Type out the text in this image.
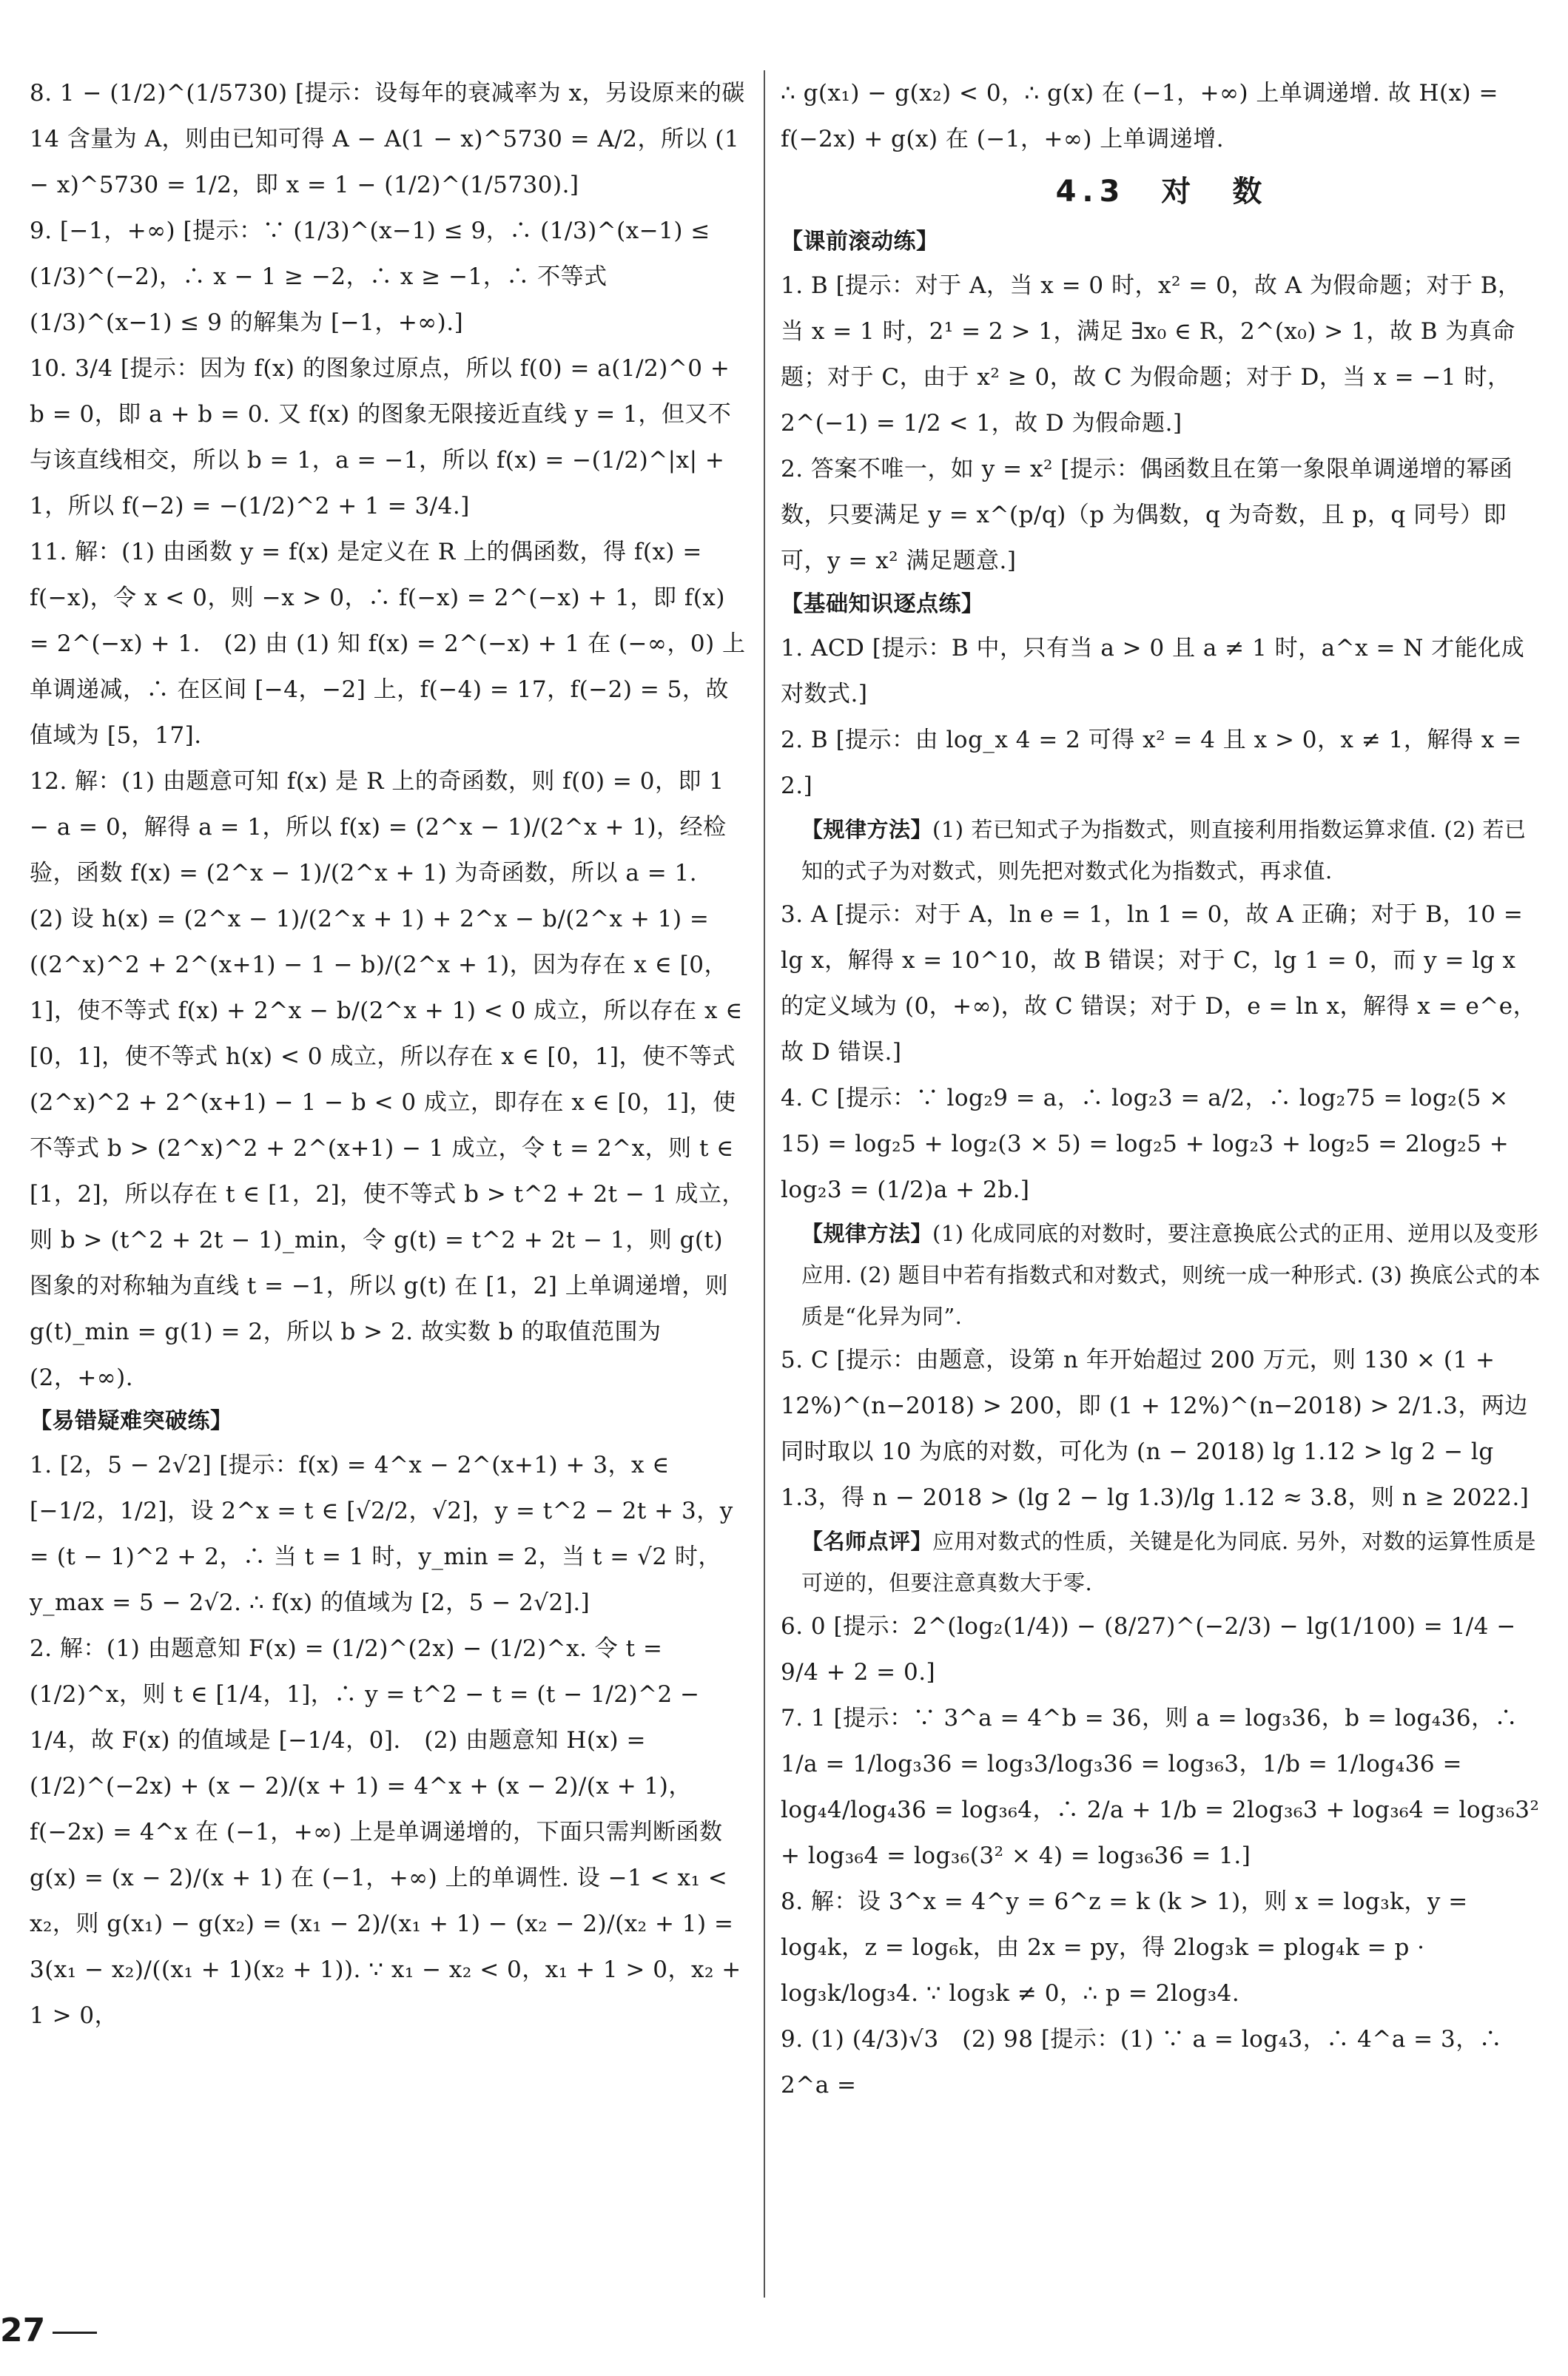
8. 1 − (1/2)^(1/5730) [提示：设每年的衰减率为 x，另设原来的碳 14 含量为 A，则由已知可得 A − A(1 − x)^5730 = A/2，所以 (1 − x)^5730 = 1/2，即 x = 1 − (1/2)^(1/5730).]

9. [−1，+∞) [提示：∵ (1/3)^(x−1) ≤ 9，∴ (1/3)^(x−1) ≤ (1/3)^(−2)，∴ x − 1 ≥ −2，∴ x ≥ −1，∴ 不等式 (1/3)^(x−1) ≤ 9 的解集为 [−1，+∞).]

10. 3/4 [提示：因为 f(x) 的图象过原点，所以 f(0) = a(1/2)^0 + b = 0，即 a + b = 0. 又 f(x) 的图象无限接近直线 y = 1，但又不与该直线相交，所以 b = 1，a = −1，所以 f(x) = −(1/2)^|x| + 1，所以 f(−2) = −(1/2)^2 + 1 = 3/4.]

11. 解：(1) 由函数 y = f(x) 是定义在 R 上的偶函数，得 f(x) = f(−x)，令 x < 0，则 −x > 0，∴ f(−x) = 2^(−x) + 1，即 f(x) = 2^(−x) + 1.　(2) 由 (1) 知 f(x) = 2^(−x) + 1 在 (−∞，0) 上单调递减，∴ 在区间 [−4，−2] 上，f(−4) = 17，f(−2) = 5，故值域为 [5，17].

12. 解：(1) 由题意可知 f(x) 是 R 上的奇函数，则 f(0) = 0，即 1 − a = 0，解得 a = 1，所以 f(x) = (2^x − 1)/(2^x + 1)，经检验，函数 f(x) = (2^x − 1)/(2^x + 1) 为奇函数，所以 a = 1.　(2) 设 h(x) = (2^x − 1)/(2^x + 1) + 2^x − b/(2^x + 1) = ((2^x)^2 + 2^(x+1) − 1 − b)/(2^x + 1)，因为存在 x ∈ [0，1]，使不等式 f(x) + 2^x − b/(2^x + 1) < 0 成立，所以存在 x ∈ [0，1]，使不等式 h(x) < 0 成立，所以存在 x ∈ [0，1]，使不等式 (2^x)^2 + 2^(x+1) − 1 − b < 0 成立，即存在 x ∈ [0，1]，使不等式 b > (2^x)^2 + 2^(x+1) − 1 成立，令 t = 2^x，则 t ∈ [1，2]，所以存在 t ∈ [1，2]，使不等式 b > t^2 + 2t − 1 成立，则 b > (t^2 + 2t − 1)_min，令 g(t) = t^2 + 2t − 1，则 g(t) 图象的对称轴为直线 t = −1，所以 g(t) 在 [1，2] 上单调递增，则 g(t)_min = g(1) = 2，所以 b > 2. 故实数 b 的取值范围为 (2，+∞).

【易错疑难突破练】

1. [2，5 − 2√2] [提示：f(x) = 4^x − 2^(x+1) + 3，x ∈ [−1/2，1/2]，设 2^x = t ∈ [√2/2，√2]，y = t^2 − 2t + 3，y = (t − 1)^2 + 2，∴ 当 t = 1 时，y_min = 2，当 t = √2 时，y_max = 5 − 2√2. ∴ f(x) 的值域为 [2，5 − 2√2].]

2. 解：(1) 由题意知 F(x) = (1/2)^(2x) − (1/2)^x. 令 t = (1/2)^x，则 t ∈ [1/4，1]，∴ y = t^2 − t = (t − 1/2)^2 − 1/4，故 F(x) 的值域是 [−1/4，0].　(2) 由题意知 H(x) = (1/2)^(−2x) + (x − 2)/(x + 1) = 4^x + (x − 2)/(x + 1)，f(−2x) = 4^x 在 (−1，+∞) 上是单调递增的，下面只需判断函数 g(x) = (x − 2)/(x + 1) 在 (−1，+∞) 上的单调性. 设 −1 < x₁ < x₂，则 g(x₁) − g(x₂) = (x₁ − 2)/(x₁ + 1) − (x₂ − 2)/(x₂ + 1) = 3(x₁ − x₂)/((x₁ + 1)(x₂ + 1)). ∵ x₁ − x₂ < 0，x₁ + 1 > 0，x₂ + 1 > 0，

∴ g(x₁) − g(x₂) < 0，∴ g(x) 在 (−1，+∞) 上单调递增. 故 H(x) = f(−2x) + g(x) 在 (−1，+∞) 上单调递增.

4.3　对　数

【课前滚动练】

1. B [提示：对于 A，当 x = 0 时，x² = 0，故 A 为假命题；对于 B，当 x = 1 时，2¹ = 2 > 1，满足 ∃x₀ ∈ R，2^(x₀) > 1，故 B 为真命题；对于 C，由于 x² ≥ 0，故 C 为假命题；对于 D，当 x = −1 时，2^(−1) = 1/2 < 1，故 D 为假命题.]

2. 答案不唯一，如 y = x² [提示：偶函数且在第一象限单调递增的幂函数，只要满足 y = x^(p/q)（p 为偶数，q 为奇数，且 p，q 同号）即可，y = x² 满足题意.]

【基础知识逐点练】

1. ACD [提示：B 中，只有当 a > 0 且 a ≠ 1 时，a^x = N 才能化成对数式.]

2. B [提示：由 log_x 4 = 2 可得 x² = 4 且 x > 0，x ≠ 1，解得 x = 2.]

【规律方法】(1) 若已知式子为指数式，则直接利用指数运算求值. (2) 若已知的式子为对数式，则先把对数式化为指数式，再求值.

3. A [提示：对于 A，ln e = 1，ln 1 = 0，故 A 正确；对于 B，10 = lg x，解得 x = 10^10，故 B 错误；对于 C，lg 1 = 0，而 y = lg x 的定义域为 (0，+∞)，故 C 错误；对于 D，e = ln x，解得 x = e^e，故 D 错误.]

4. C [提示：∵ log₂9 = a，∴ log₂3 = a/2，∴ log₂75 = log₂(5 × 15) = log₂5 + log₂(3 × 5) = log₂5 + log₂3 + log₂5 = 2log₂5 + log₂3 = (1/2)a + 2b.]

【规律方法】(1) 化成同底的对数时，要注意换底公式的正用、逆用以及变形应用. (2) 题目中若有指数式和对数式，则统一成一种形式. (3) 换底公式的本质是“化异为同”.

5. C [提示：由题意，设第 n 年开始超过 200 万元，则 130 × (1 + 12%)^(n−2018) > 200，即 (1 + 12%)^(n−2018) > 2/1.3，两边同时取以 10 为底的对数，可化为 (n − 2018) lg 1.12 > lg 2 − lg 1.3，得 n − 2018 > (lg 2 − lg 1.3)/lg 1.12 ≈ 3.8，则 n ≥ 2022.]

【名师点评】应用对数式的性质，关键是化为同底. 另外，对数的运算性质是可逆的，但要注意真数大于零.

6. 0 [提示：2^(log₂(1/4)) − (8/27)^(−2/3) − lg(1/100) = 1/4 − 9/4 + 2 = 0.]

7. 1 [提示：∵ 3^a = 4^b = 36，则 a = log₃36，b = log₄36，∴ 1/a = 1/log₃36 = log₃3/log₃36 = log₃₆3，1/b = 1/log₄36 = log₄4/log₄36 = log₃₆4，∴ 2/a + 1/b = 2log₃₆3 + log₃₆4 = log₃₆3² + log₃₆4 = log₃₆(3² × 4) = log₃₆36 = 1.]

8. 解：设 3^x = 4^y = 6^z = k (k > 1)，则 x = log₃k，y = log₄k，z = log₆k，由 2x = py，得 2log₃k = plog₄k = p · log₃k/log₃4. ∵ log₃k ≠ 0，∴ p = 2log₃4.

9. (1) (4/3)√3　(2) 98 [提示：(1) ∵ a = log₄3，∴ 4^a = 3，∴ 2^a =

27
